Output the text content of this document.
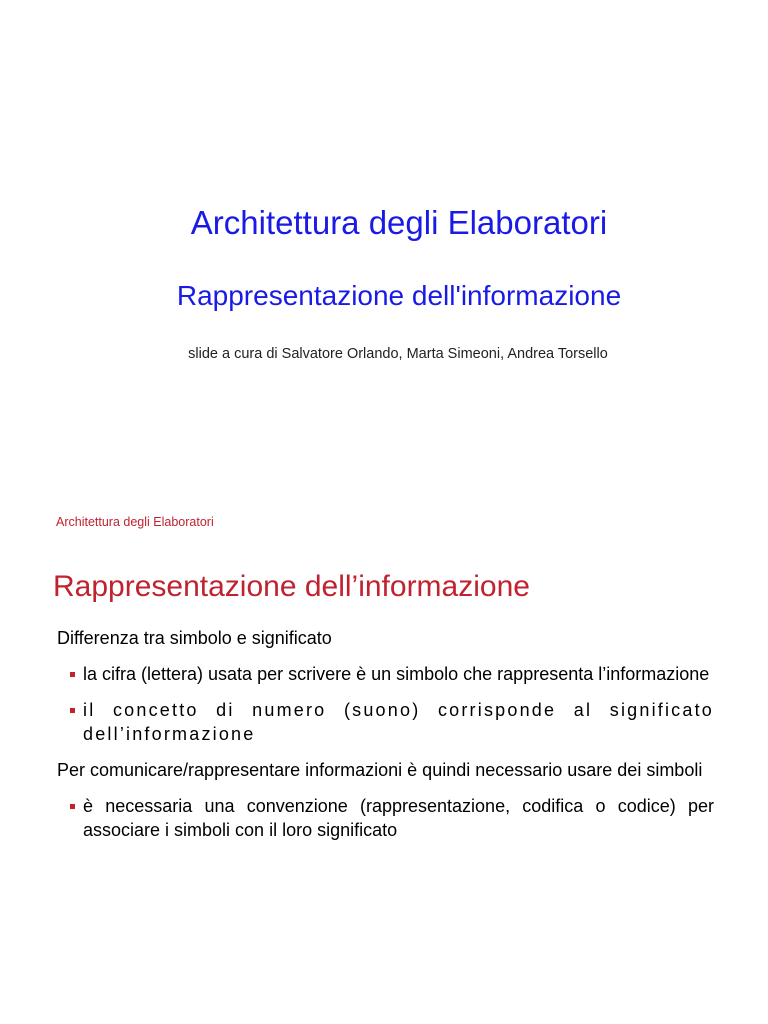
Architettura degli Elaboratori
Rappresentazione dell'informazione
slide a cura di Salvatore Orlando, Marta Simeoni, Andrea Torsello
Architettura degli Elaboratori
Rappresentazione dell’informazione

Differenza tra simbolo e significato

la cifra (lettera) usata per scrivere è un simbolo che rappresenta l’informazione
il concetto di numero (suono) corrisponde al significato dell’informazione

Per comunicare/rappresentare informazioni è quindi necessario usare dei simboli

è necessaria una convenzione (rappresentazione, codifica o codice) per associare i simboli con il loro significato
